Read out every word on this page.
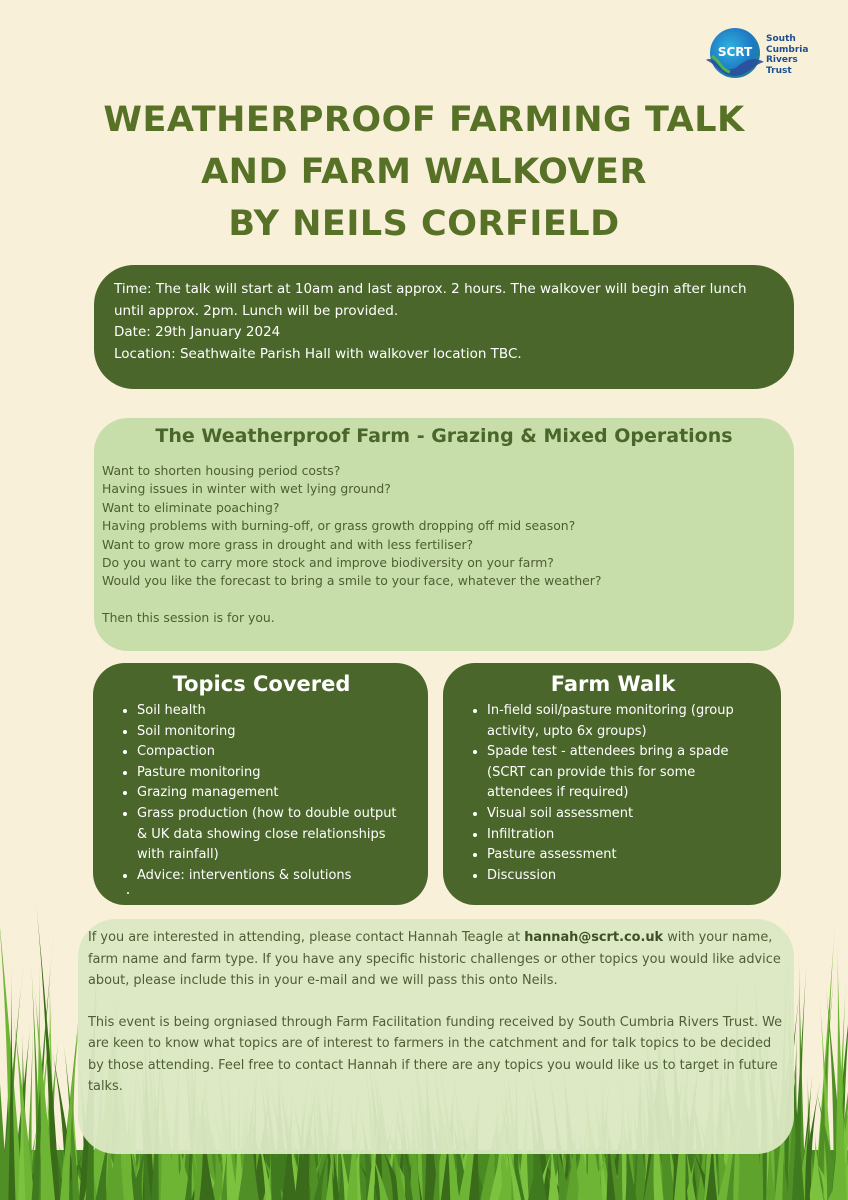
SCRT
South
Cumbria
Rivers
Trust
WEATHERPROOF FARMING TALK
AND FARM WALKOVER
BY NEILS CORFIELD
Time: The talk will start at 10am and last approx. 2 hours. The walkover will begin after lunch
until approx. 2pm. Lunch will be provided.
Date: 29th January 2024
Location: Seathwaite Parish Hall with walkover location TBC.
The Weatherproof Farm - Grazing & Mixed Operations
Want to shorten housing period costs?
Having issues in winter with wet lying ground?
Want to eliminate poaching?
Having problems with burning-off, or grass growth dropping off mid season?
Want to grow more grass in drought and with less fertiliser?
Do you want to carry more stock and improve biodiversity on your farm?
Would you like the forecast to bring a smile to your face, whatever the weather?
Then this session is for you.
Topics Covered
• Soil health
• Soil monitoring
• Compaction
• Pasture monitoring
• Grazing management
• Grass production (how to double output & UK data showing close relationships with rainfall)
• Advice: interventions & solutions
•
Farm Walk
• In-field soil/pasture monitoring (group activity, upto 6x groups)
• Spade test - attendees bring a spade (SCRT can provide this for some attendees if required)
• Visual soil assessment
• Infiltration
• Pasture assessment
• Discussion

If you are interested in attending, please contact Hannah Teagle at hannah@scrt.co.uk with your name, farm name and farm type. If you have any specific historic challenges or other topics you would like advice about, please include this in your e-mail and we will pass this onto Neils.

This event is being orgniased through Farm Facilitation funding received by South Cumbria Rivers Trust. We are keen to know what topics are of interest to farmers in the catchment and for talk topics to be decided by those attending. Feel free to contact Hannah if there are any topics you would like us to target in future talks.
